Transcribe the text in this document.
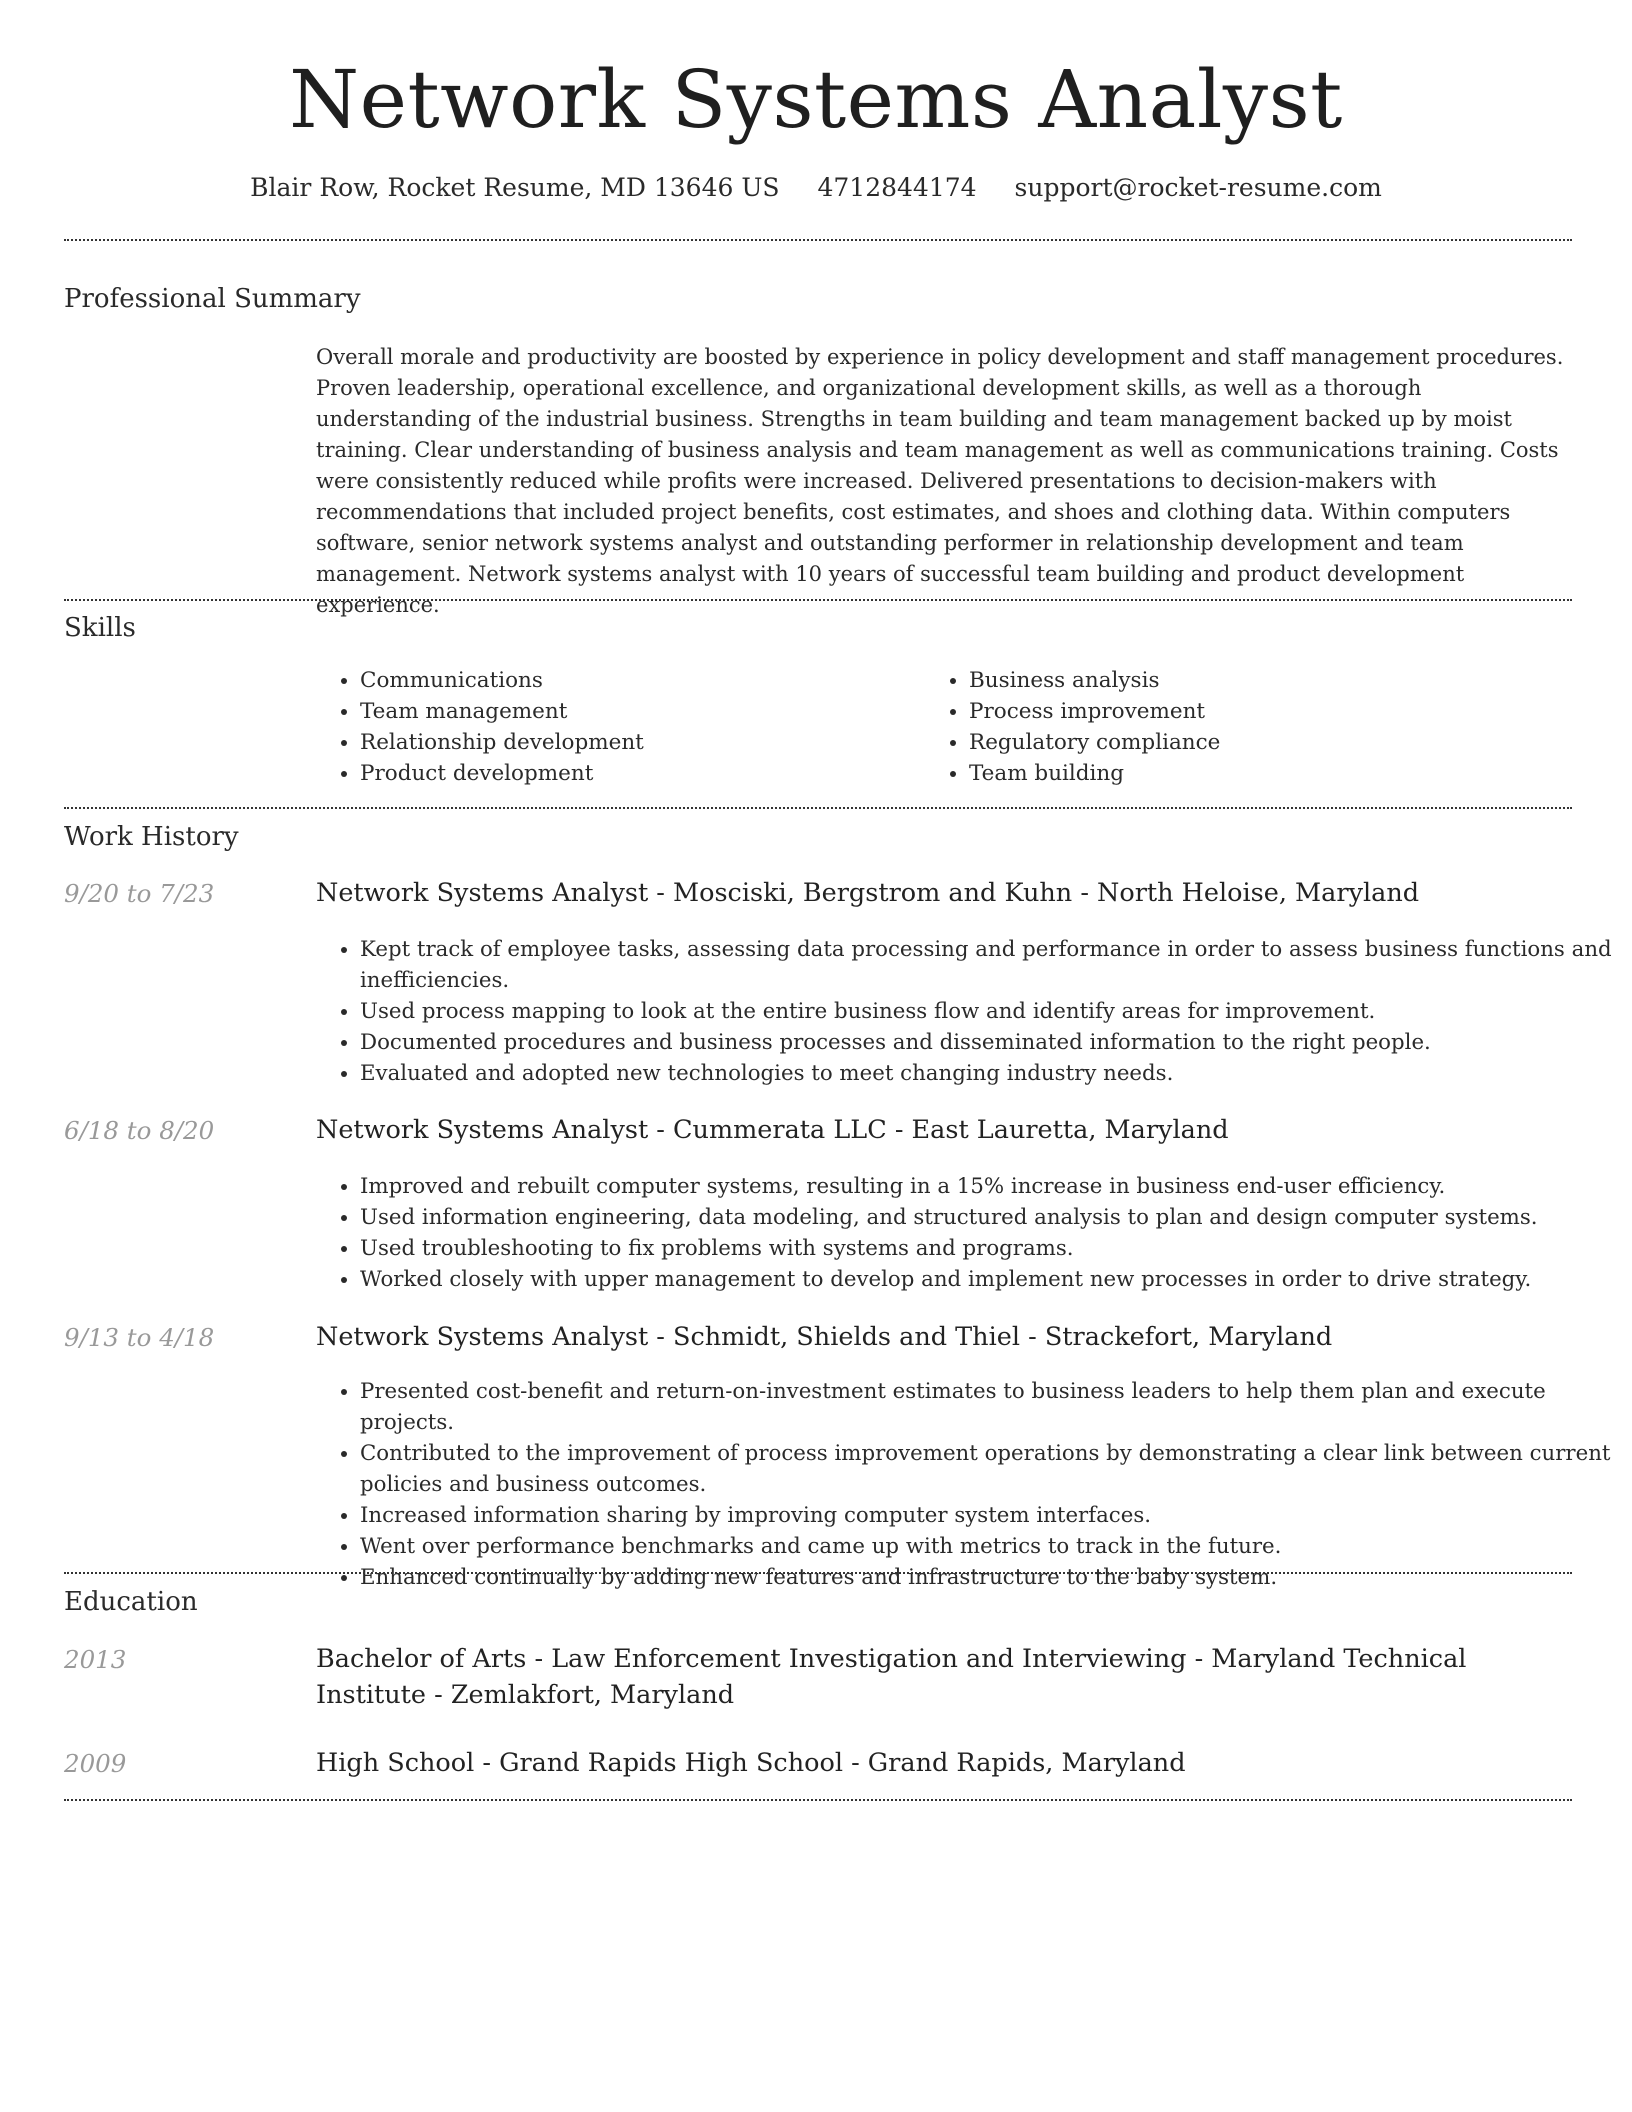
Network Systems Analyst
Blair Row, Rocket Resume, MD 13646 US 4712844174 support@rocket-resume.com
Professional Summary

Overall morale and productivity are boosted by experience in policy development and staff management procedures. Proven leadership, operational excellence, and organizational development skills, as well as a thorough understanding of the industrial business. Strengths in team building and team management backed up by moist training. Clear understanding of business analysis and team management as well as communications training. Costs were consistently reduced while profits were increased. Delivered presentations to decision-makers with recommendations that included project benefits, cost estimates, and shoes and clothing data. Within computers software, senior network systems analyst and outstanding performer in relationship development and team management. Network systems analyst with 10 years of successful team building and product development experience.

Skills
• Communications
• Team management
• Relationship development
• Product development
• Business analysis
• Process improvement
• Regulatory compliance
• Team building
Work History
9/20 to 7/23	Network Systems Analyst - Mosciski, Bergstrom and Kuhn - North Heloise, Maryland
• Kept track of employee tasks, assessing data processing and performance in order to assess business functions and inefficiencies.
• Used process mapping to look at the entire business flow and identify areas for improvement.
• Documented procedures and business processes and disseminated information to the right people.
• Evaluated and adopted new technologies to meet changing industry needs.
6/18 to 8/20	Network Systems Analyst - Cummerata LLC - East Lauretta, Maryland
• Improved and rebuilt computer systems, resulting in a 15% increase in business end-user efficiency.
• Used information engineering, data modeling, and structured analysis to plan and design computer systems.
• Used troubleshooting to fix problems with systems and programs.
• Worked closely with upper management to develop and implement new processes in order to drive strategy.
9/13 to 4/18	Network Systems Analyst - Schmidt, Shields and Thiel - Strackefort, Maryland
• Presented cost-benefit and return-on-investment estimates to business leaders to help them plan and execute projects.
• Contributed to the improvement of process improvement operations by demonstrating a clear link between current policies and business outcomes.
• Increased information sharing by improving computer system interfaces.
• Went over performance benchmarks and came up with metrics to track in the future.
• Enhanced continually by adding new features and infrastructure to the baby system.
Education
2013	Bachelor of Arts - Law Enforcement Investigation and Interviewing - Maryland Technical Institute - Zemlakfort, Maryland
2009	High School - Grand Rapids High School - Grand Rapids, Maryland
